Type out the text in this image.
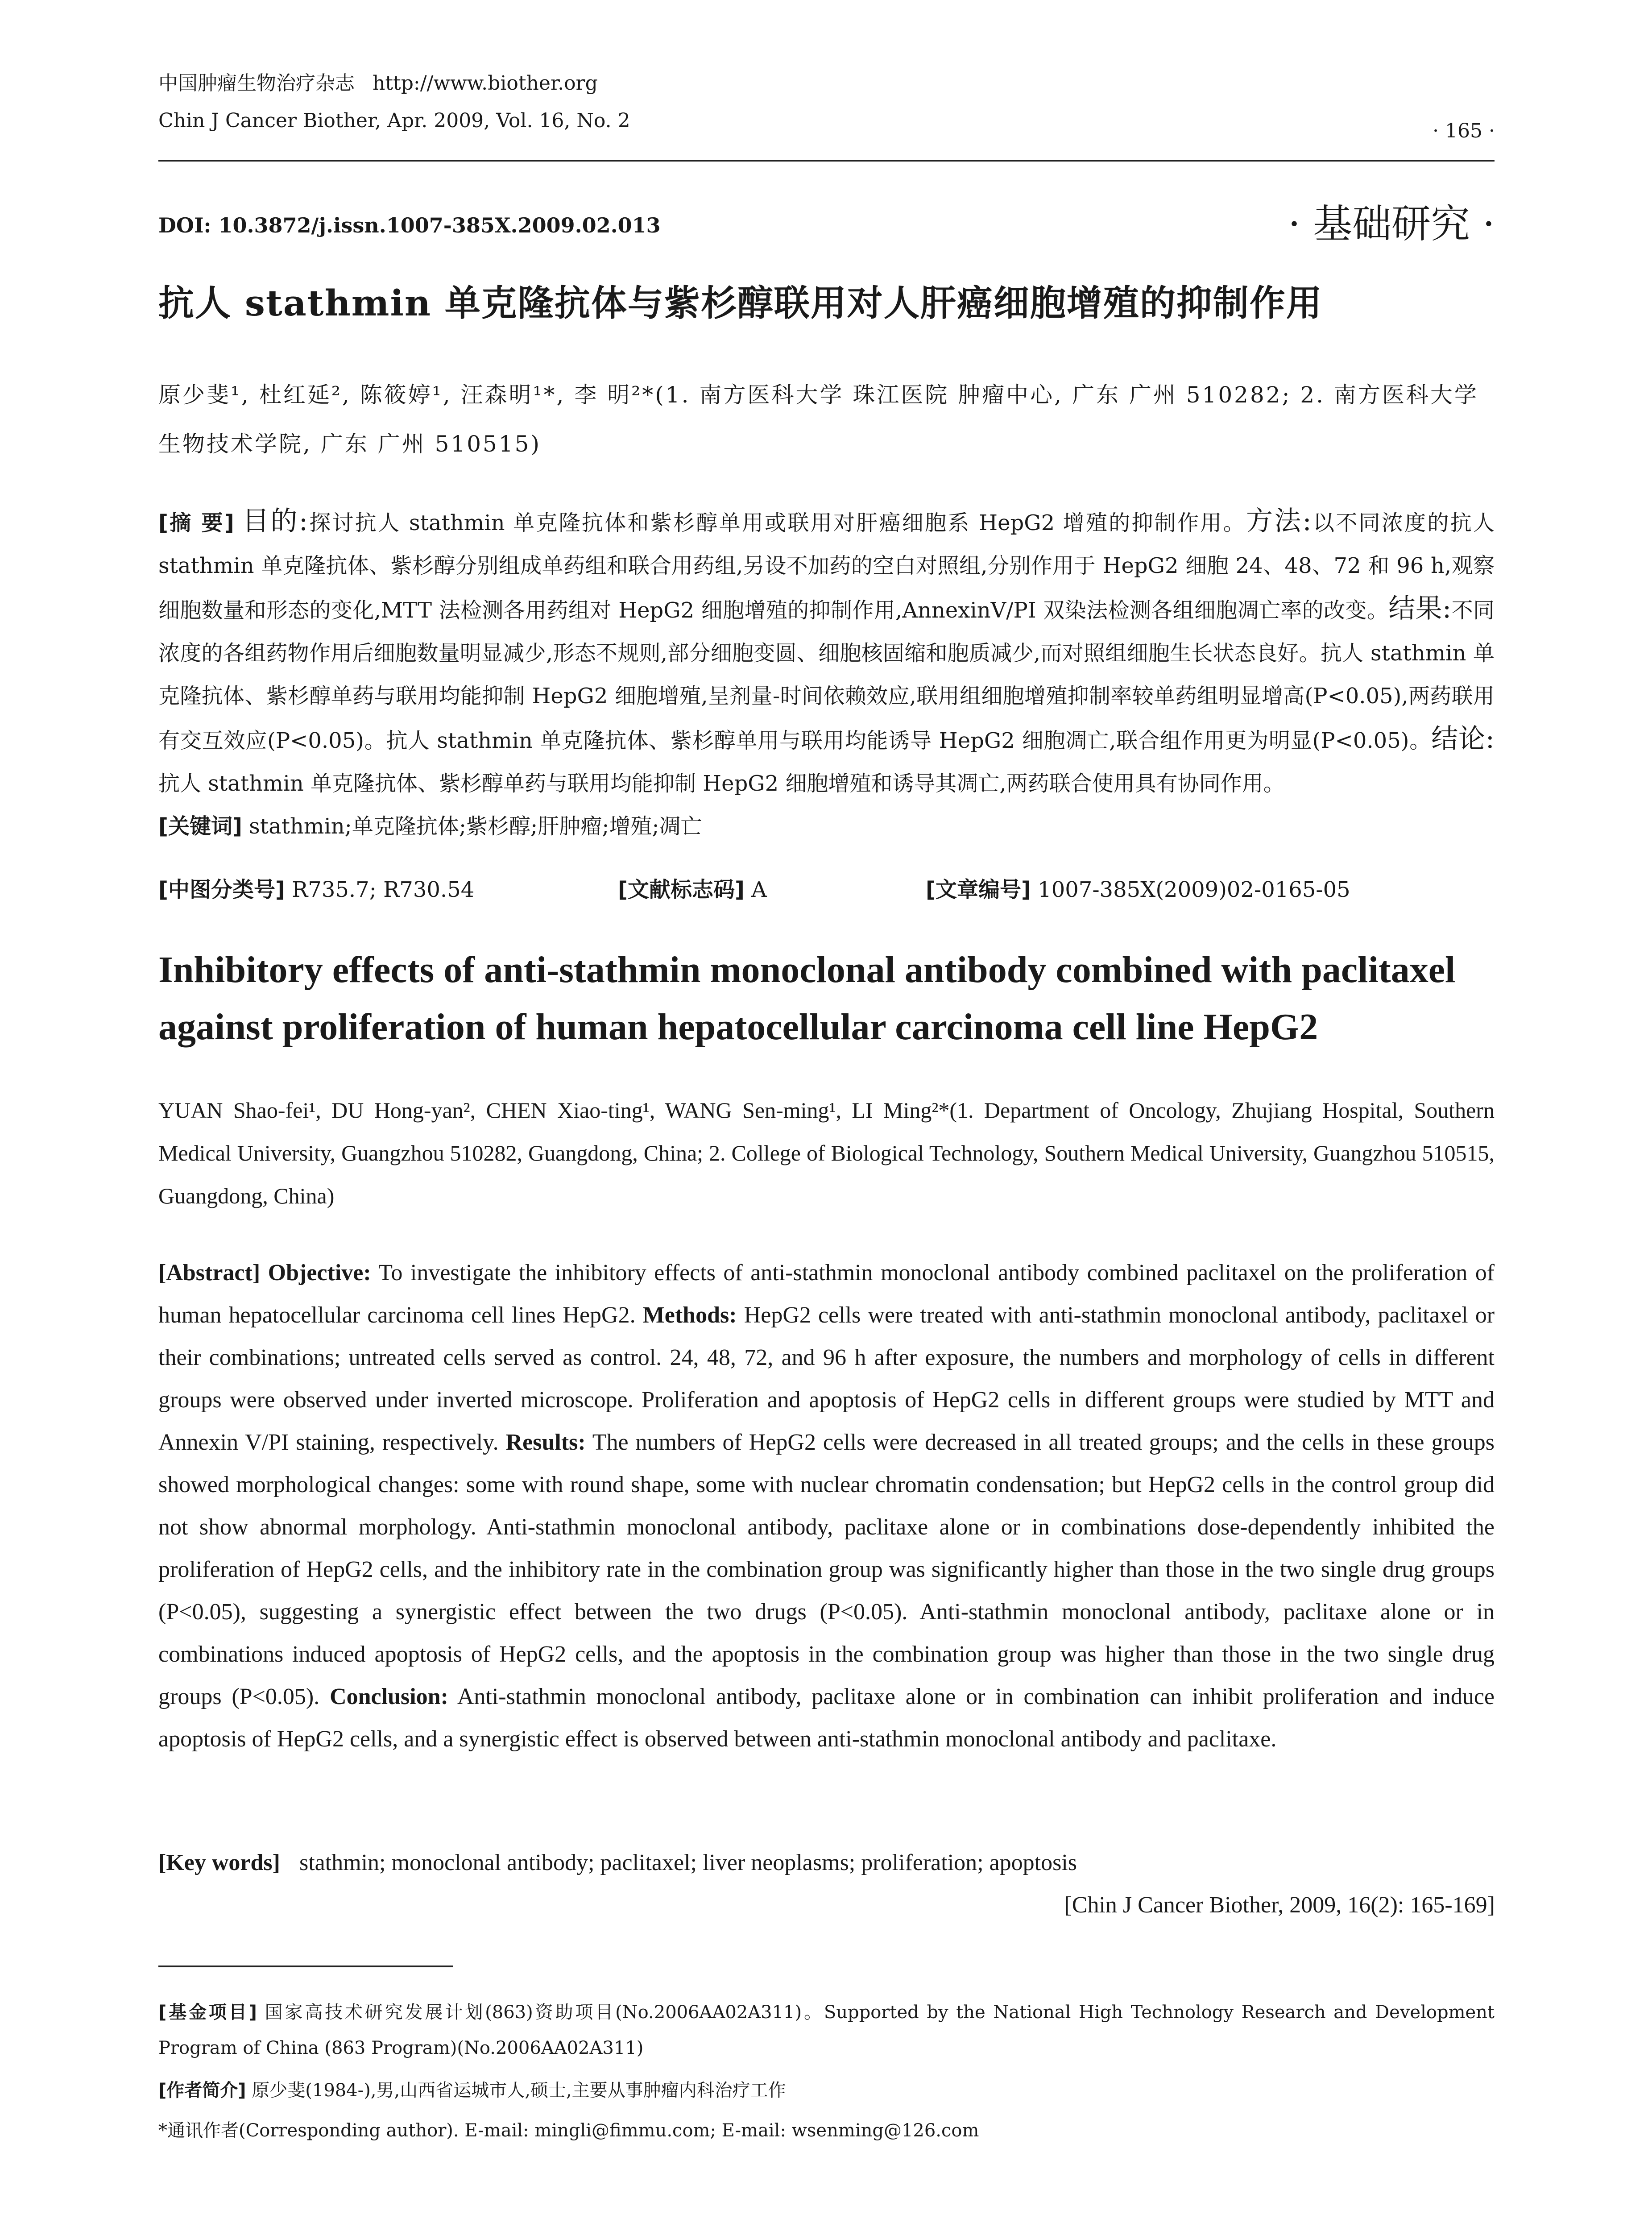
中国肿瘤生物治疗杂志 http://www.biother.org
Chin J Cancer Biother, Apr. 2009, Vol. 16, No. 2	· 165 ·
DOI: 10.3872/j.issn.1007-385X.2009.02.013	· 基础研究 ·
抗人 stathmin 单克隆抗体与紫杉醇联用对人肝癌细胞增殖的抑制作用
原少斐¹, 杜红延², 陈筱婷¹, 汪森明¹*, 李 明²*(1. 南方医科大学 珠江医院 肿瘤中心, 广东 广州 510282; 2. 南方医科大学 生物技术学院, 广东 广州 510515)
[摘 要] 目的:探讨抗人 stathmin 单克隆抗体和紫杉醇单用或联用对肝癌细胞系 HepG2 增殖的抑制作用。方法:以不同浓度的抗人 stathmin 单克隆抗体、紫杉醇分别组成单药组和联合用药组,另设不加药的空白对照组,分别作用于 HepG2 细胞 24、48、72 和 96 h,观察细胞数量和形态的变化,MTT 法检测各用药组对 HepG2 细胞增殖的抑制作用,AnnexinV/PI 双染法检测各组细胞凋亡率的改变。结果:不同浓度的各组药物作用后细胞数量明显减少,形态不规则,部分细胞变圆、细胞核固缩和胞质减少,而对照组细胞生长状态良好。抗人 stathmin 单克隆抗体、紫杉醇单药与联用均能抑制 HepG2 细胞增殖,呈剂量-时间依赖效应,联用组细胞增殖抑制率较单药组明显增高(P<0.05),两药联用有交互效应(P<0.05)。抗人 stathmin 单克隆抗体、紫杉醇单用与联用均能诱导 HepG2 细胞凋亡,联合组作用更为明显(P<0.05)。结论:抗人 stathmin 单克隆抗体、紫杉醇单药与联用均能抑制 HepG2 细胞增殖和诱导其凋亡,两药联合使用具有协同作用。
[关键词] stathmin;单克隆抗体;紫杉醇;肝肿瘤;增殖;凋亡
[中图分类号] R735.7; R730.54	[文献标志码] A	[文章编号] 1007-385X(2009)02-0165-05
Inhibitory effects of anti-stathmin monoclonal antibody combined with paclitaxel
against proliferation of human hepatocellular carcinoma cell line HepG2
YUAN Shao-fei¹, DU Hong-yan², CHEN Xiao-ting¹, WANG Sen-ming¹, LI Ming²*(1. Department of Oncology, Zhujiang Hospital, Southern Medical University, Guangzhou 510282, Guangdong, China; 2. College of Biological Technology, Southern Medical University, Guangzhou 510515, Guangdong, China)
[Abstract] Objective: To investigate the inhibitory effects of anti-stathmin monoclonal antibody combined paclitaxel on the proliferation of human hepatocellular carcinoma cell lines HepG2. Methods: HepG2 cells were treated with anti-stathmin monoclonal antibody, paclitaxel or their combinations; untreated cells served as control. 24, 48, 72, and 96 h after exposure, the numbers and morphology of cells in different groups were observed under inverted microscope. Proliferation and apoptosis of HepG2 cells in different groups were studied by MTT and Annexin V/PI staining, respectively. Results: The numbers of HepG2 cells were decreased in all treated groups; and the cells in these groups showed morphological changes: some with round shape, some with nuclear chromatin condensation; but HepG2 cells in the control group did not show abnormal morphology. Anti-stathmin monoclonal antibody, paclitaxe alone or in combinations dose-dependently inhibited the proliferation of HepG2 cells, and the inhibitory rate in the combination group was significantly higher than those in the two single drug groups (P<0.05), suggesting a synergistic effect between the two drugs (P<0.05). Anti-stathmin monoclonal antibody, paclitaxe alone or in combinations induced apoptosis of HepG2 cells, and the apoptosis in the combination group was higher than those in the two single drug groups (P<0.05). Conclusion: Anti-stathmin monoclonal antibody, paclitaxe alone or in combination can inhibit proliferation and induce apoptosis of HepG2 cells, and a synergistic effect is observed between anti-stathmin monoclonal antibody and paclitaxe.
[Key words] stathmin; monoclonal antibody; paclitaxel; liver neoplasms; proliferation; apoptosis
[Chin J Cancer Biother, 2009, 16(2): 165-169]
[基金项目] 国家高技术研究发展计划(863)资助项目(No.2006AA02A311)。Supported by the National High Technology Research and Development Program of China (863 Program)(No.2006AA02A311)
[作者简介] 原少斐(1984-),男,山西省运城市人,硕士,主要从事肿瘤内科治疗工作
*通讯作者(Corresponding author). E-mail: mingli@fimmu.com; E-mail: wsenming@126.com
